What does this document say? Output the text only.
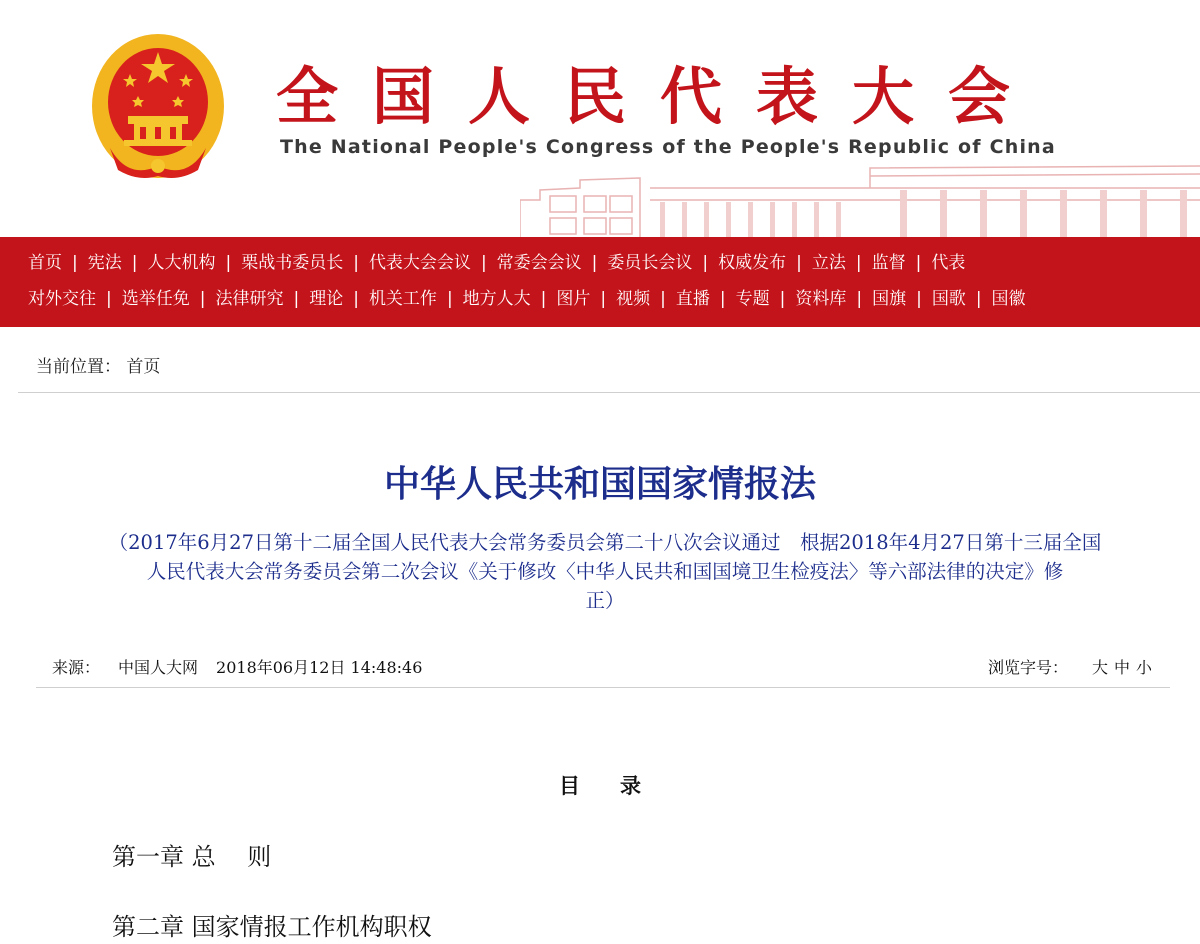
全国人民代表大会
The National People's Congress of the People's Republic of China
首页 | 宪法 | 人大机构 | 栗战书委员长 | 代表大会会议 | 常委会会议 | 委员长会议 | 权威发布 | 立法 | 监督 | 代表
对外交往 | 选举任免 | 法律研究 | 理论 | 机关工作 | 地方人大 | 图片 | 视频 | 直播 | 专题 | 资料库 | 国旗 | 国歌 | 国徽
当前位置： 首页
中华人民共和国国家情报法
（2017年6月27日第十二届全国人民代表大会常务委员会第二十八次会议通过　根据2018年4月27日第十三届全国
人民代表大会常务委员会第二次会议《关于修改〈中华人民共和国国境卫生检疫法〉等六部法律的决定》修
正）
来源： 中国人大网 2018年06月12日 14:48:46	浏览字号： 大 中 小
目录
第一章 总　 则
第二章 国家情报工作机构职权
